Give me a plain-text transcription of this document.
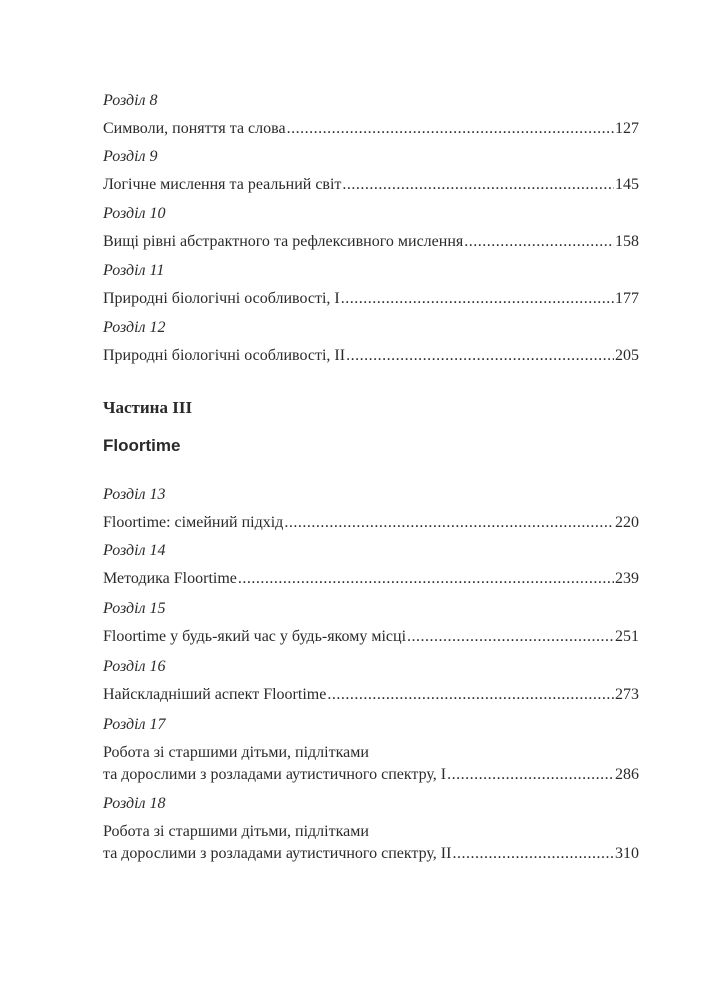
Розділ 8
Символи, поняття та слова .....	127
Розділ 9
Логічне мислення та реальний світ .....	145
Розділ 10
Вищі рівні абстрактного та рефлексивного мислення .....	158
Розділ 11
Природні біологічні особливості, I .....	177
Розділ 12
Природні біологічні особливості, II .....	205
Розділ 13
Floortime: сімейний підхід .....	220
Розділ 14
Методика Floortime .....	239
Розділ 15
Floortime у будь-який час у будь-якому місці .....	251
Розділ 16
Найскладніший аспект Floortime .....	273
Розділ 17
Робота зі старшими дітьми, підлітками
та дорослими з розладами аутистичного спектру, I .....	286
Розділ 18
Робота зі старшими дітьми, підлітками
та дорослими з розладами аутистичного спектру, II .....	310
Частина III
Floortime
